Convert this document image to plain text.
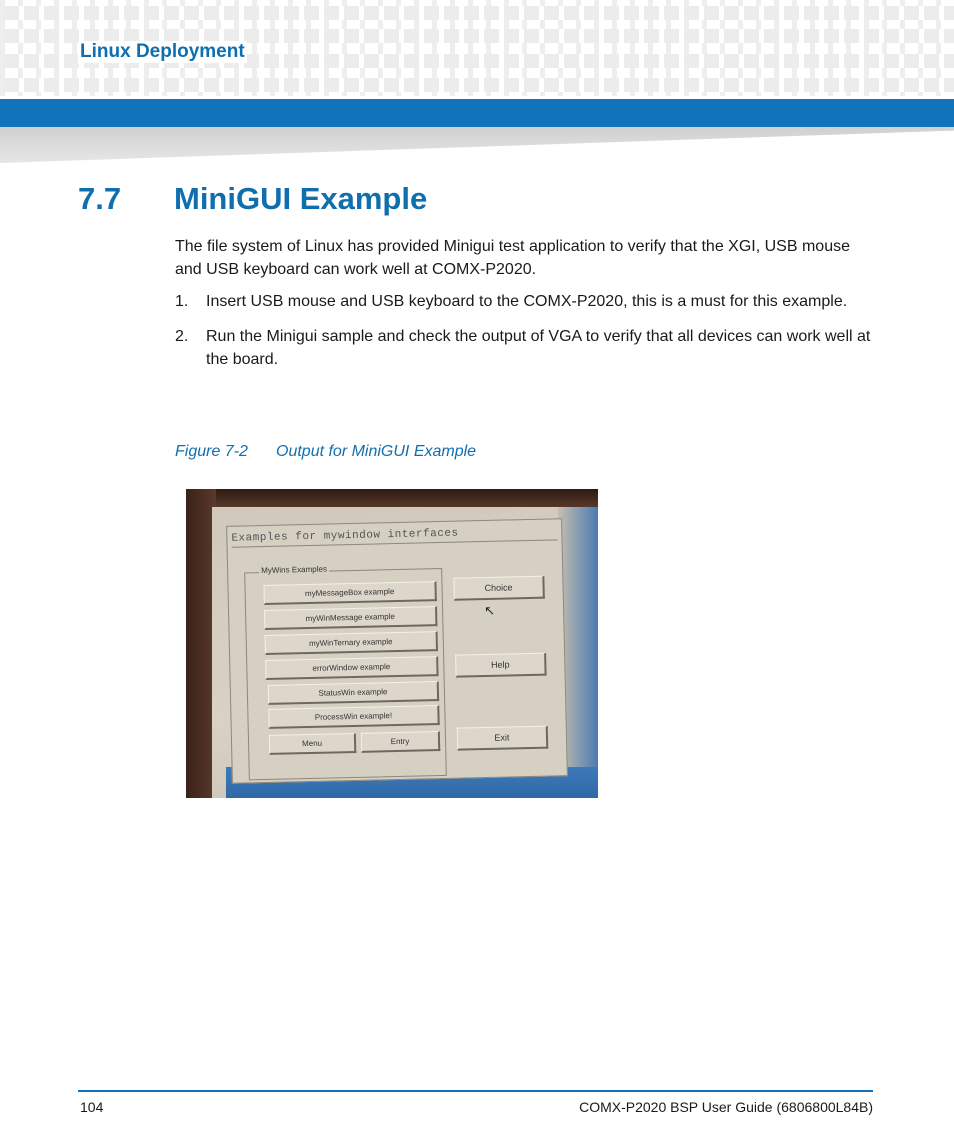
Linux Deployment
7.7 MiniGUI Example

The file system of Linux has provided Minigui test application to verify that the XGI, USB mouse and USB keyboard can work well at COMX-P2020.

1. Insert USB mouse and USB keyboard to the COMX-P2020, this is a must for this example.
2. Run the Minigui sample and check the output of VGA to verify that all devices can work well at the board.
Figure 7-2 Output for MiniGUI Example
Examples for mywindow interfaces
MyWins Examples
myMessageBox example
myWinMessage example
myWinTernary example
errorWindow example
StatusWin example
ProcessWin example!
Menu	Entry
Choice
↖
Help
Exit
104	COMX-P2020 BSP User Guide (6806800L84B)
